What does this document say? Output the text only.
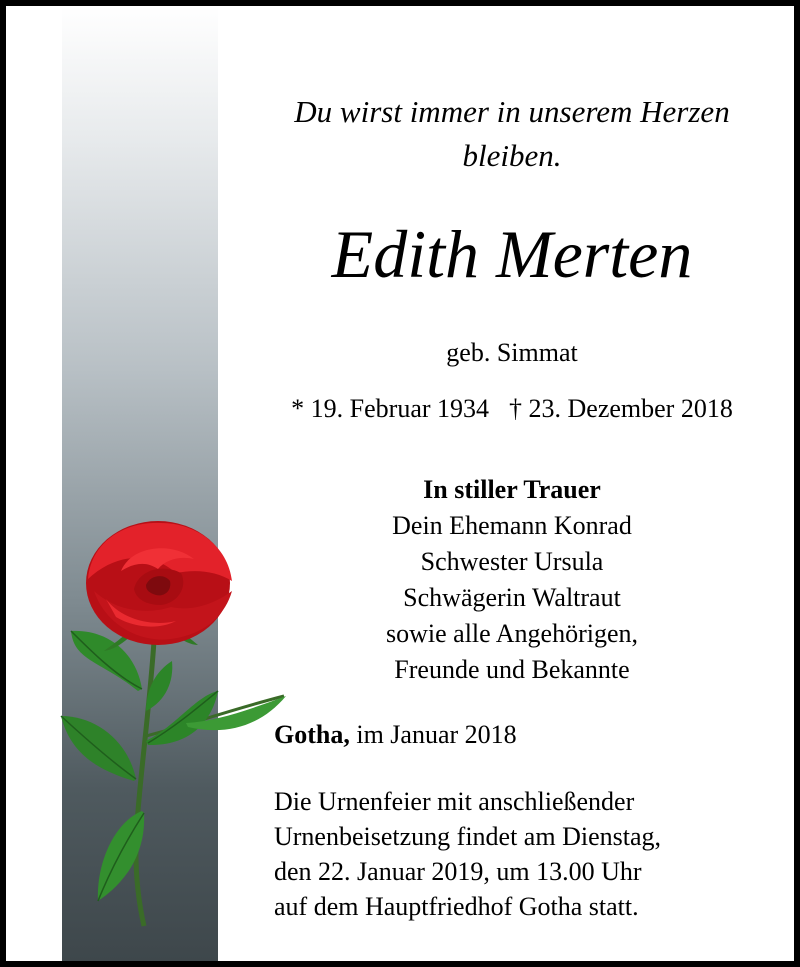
Du wirst immer in unserem Herzen
bleiben.
Edith Merten
geb. Simmat
* 19. Februar 1934 † 23. Dezember 2018
In stiller Trauer
Dein Ehemann Konrad
Schwester Ursula
Schwägerin Waltraut
sowie alle Angehörigen,
Freunde und Bekannte
Gotha, im Januar 2018
Die Urnenfeier mit anschließender
Urnenbeisetzung findet am Dienstag,
den 22. Januar 2019, um 13.00 Uhr
auf dem Hauptfriedhof Gotha statt.
